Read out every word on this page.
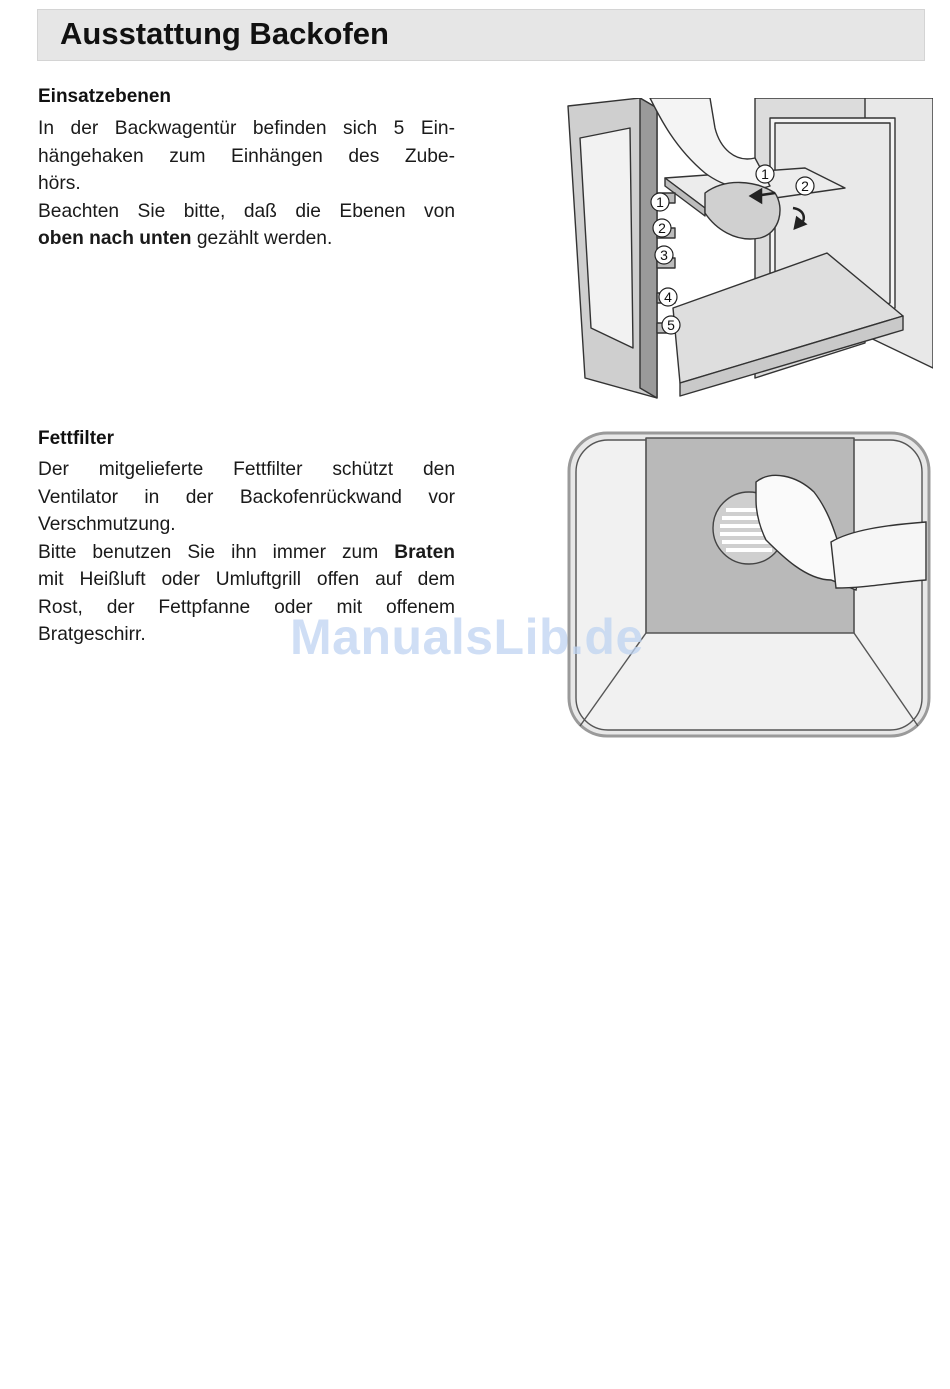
Ausstattung Backofen
Einsatzebenen
In der Backwagentür befinden sich 5 Ein-
hängehaken zum Einhängen des Zube-
hörs.
Beachten Sie bitte, daß die Ebenen von
oben nach unten gezählt werden.
1
2
3
4
5
1
2
Fettfilter
Der mitgelieferte Fettfilter schützt den
Ventilator in der Backofenrückwand vor
Verschmutzung.
Bitte benutzen Sie ihn immer zum Braten
mit Heißluft oder Umluftgrill offen auf dem
Rost, der Fettpfanne oder mit offenem
Bratgeschirr.	ManualsLib.de
